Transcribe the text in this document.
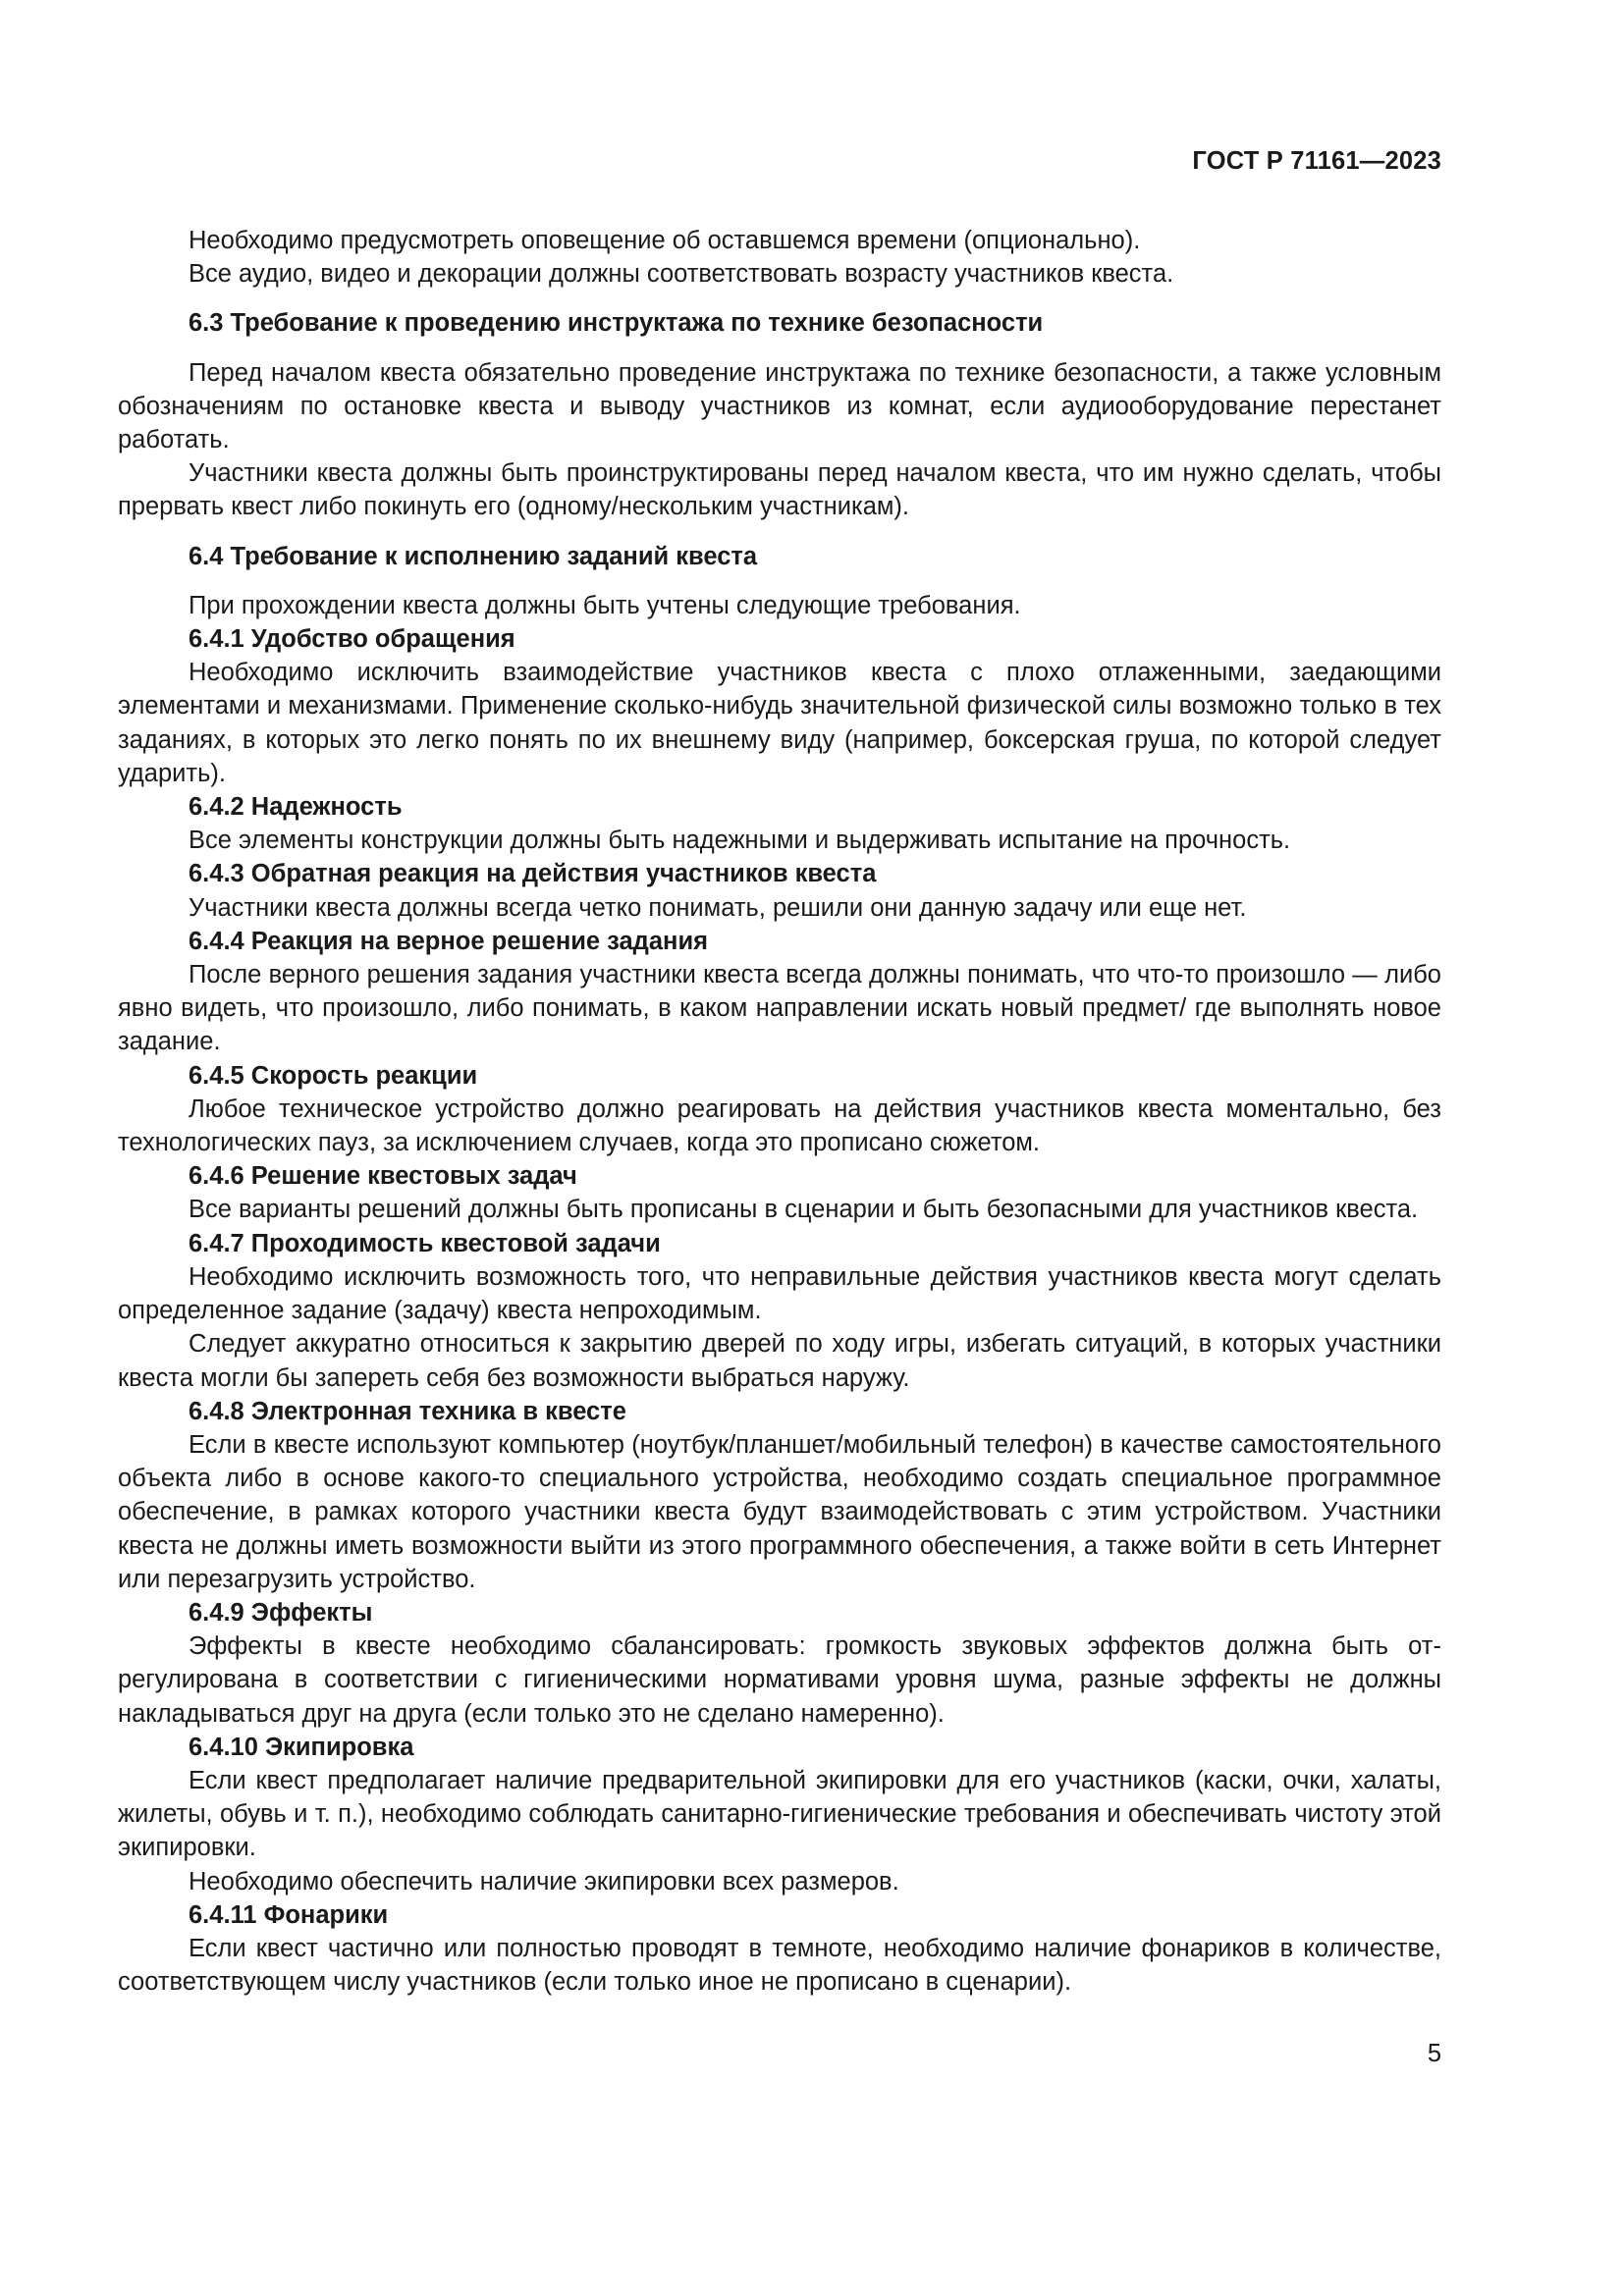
ГОСТ Р 71161—2023

Необходимо предусмотреть оповещение об оставшемся времени (опционально).

Все аудио, видео и декорации должны соответствовать возрасту участников квеста.

6.3 Требование к проведению инструктажа по технике безопасности

Перед началом квеста обязательно проведение инструктажа по технике безопасности, а также условным обозначениям по остановке квеста и выводу участников из комнат, если аудиооборудование перестанет работать.

Участники квеста должны быть проинструктированы перед началом квеста, что им нужно сделать, чтобы прервать квест либо покинуть его (одному/нескольким участникам).

6.4 Требование к исполнению заданий квеста

При прохождении квеста должны быть учтены следующие требования.

6.4.1 Удобство обращения

Необходимо исключить взаимодействие участников квеста с плохо отлаженными, заедающими элементами и механизмами. Применение сколько-нибудь значительной физической силы возможно только в тех заданиях, в которых это легко понять по их внешнему виду (например, боксерская груша, по которой следует ударить).

6.4.2 Надежность

Все элементы конструкции должны быть надежными и выдерживать испытание на прочность.

6.4.3 Обратная реакция на действия участников квеста

Участники квеста должны всегда четко понимать, решили они данную задачу или еще нет.

6.4.4 Реакция на верное решение задания

После верного решения задания участники квеста всегда должны понимать, что что-то произошло — либо явно видеть, что произошло, либо понимать, в каком направлении искать новый предмет/ где выполнять новое задание.

6.4.5 Скорость реакции

Любое техническое устройство должно реагировать на действия участников квеста моментально, без технологических пауз, за исключением случаев, когда это прописано сюжетом.

6.4.6 Решение квестовых задач

Все варианты решений должны быть прописаны в сценарии и быть безопасными для участников квеста.

6.4.7 Проходимость квестовой задачи

Необходимо исключить возможность того, что неправильные действия участников квеста могут сделать определенное задание (задачу) квеста непроходимым.

Следует аккуратно относиться к закрытию дверей по ходу игры, избегать ситуаций, в которых участники квеста могли бы запереть себя без возможности выбраться наружу.

6.4.8 Электронная техника в квесте

Если в квесте используют компьютер (ноутбук/планшет/мобильный телефон) в качестве самостоятельного объекта либо в основе какого-то специального устройства, необходимо создать специальное программное обеспечение, в рамках которого участники квеста будут взаимодействовать с этим устройством. Участники квеста не должны иметь возможности выйти из этого программного обеспечения, а также войти в сеть Интернет или перезагрузить устройство.

6.4.9 Эффекты

Эффекты в квесте необходимо сбалансировать: громкость звуковых эффектов должна быть отрегулирована в соответствии с гигиеническими нормативами уровня шума, разные эффекты не должны накладываться друг на друга (если только это не сделано намеренно).

6.4.10 Экипировка

Если квест предполагает наличие предварительной экипировки для его участников (каски, очки, халаты, жилеты, обувь и т. п.), необходимо соблюдать санитарно-гигиенические требования и обеспечивать чистоту этой экипировки.

Необходимо обеспечить наличие экипировки всех размеров.

6.4.11 Фонарики

Если квест частично или полностью проводят в темноте, необходимо наличие фонариков в количестве, соответствующем числу участников (если только иное не прописано в сценарии).

5
